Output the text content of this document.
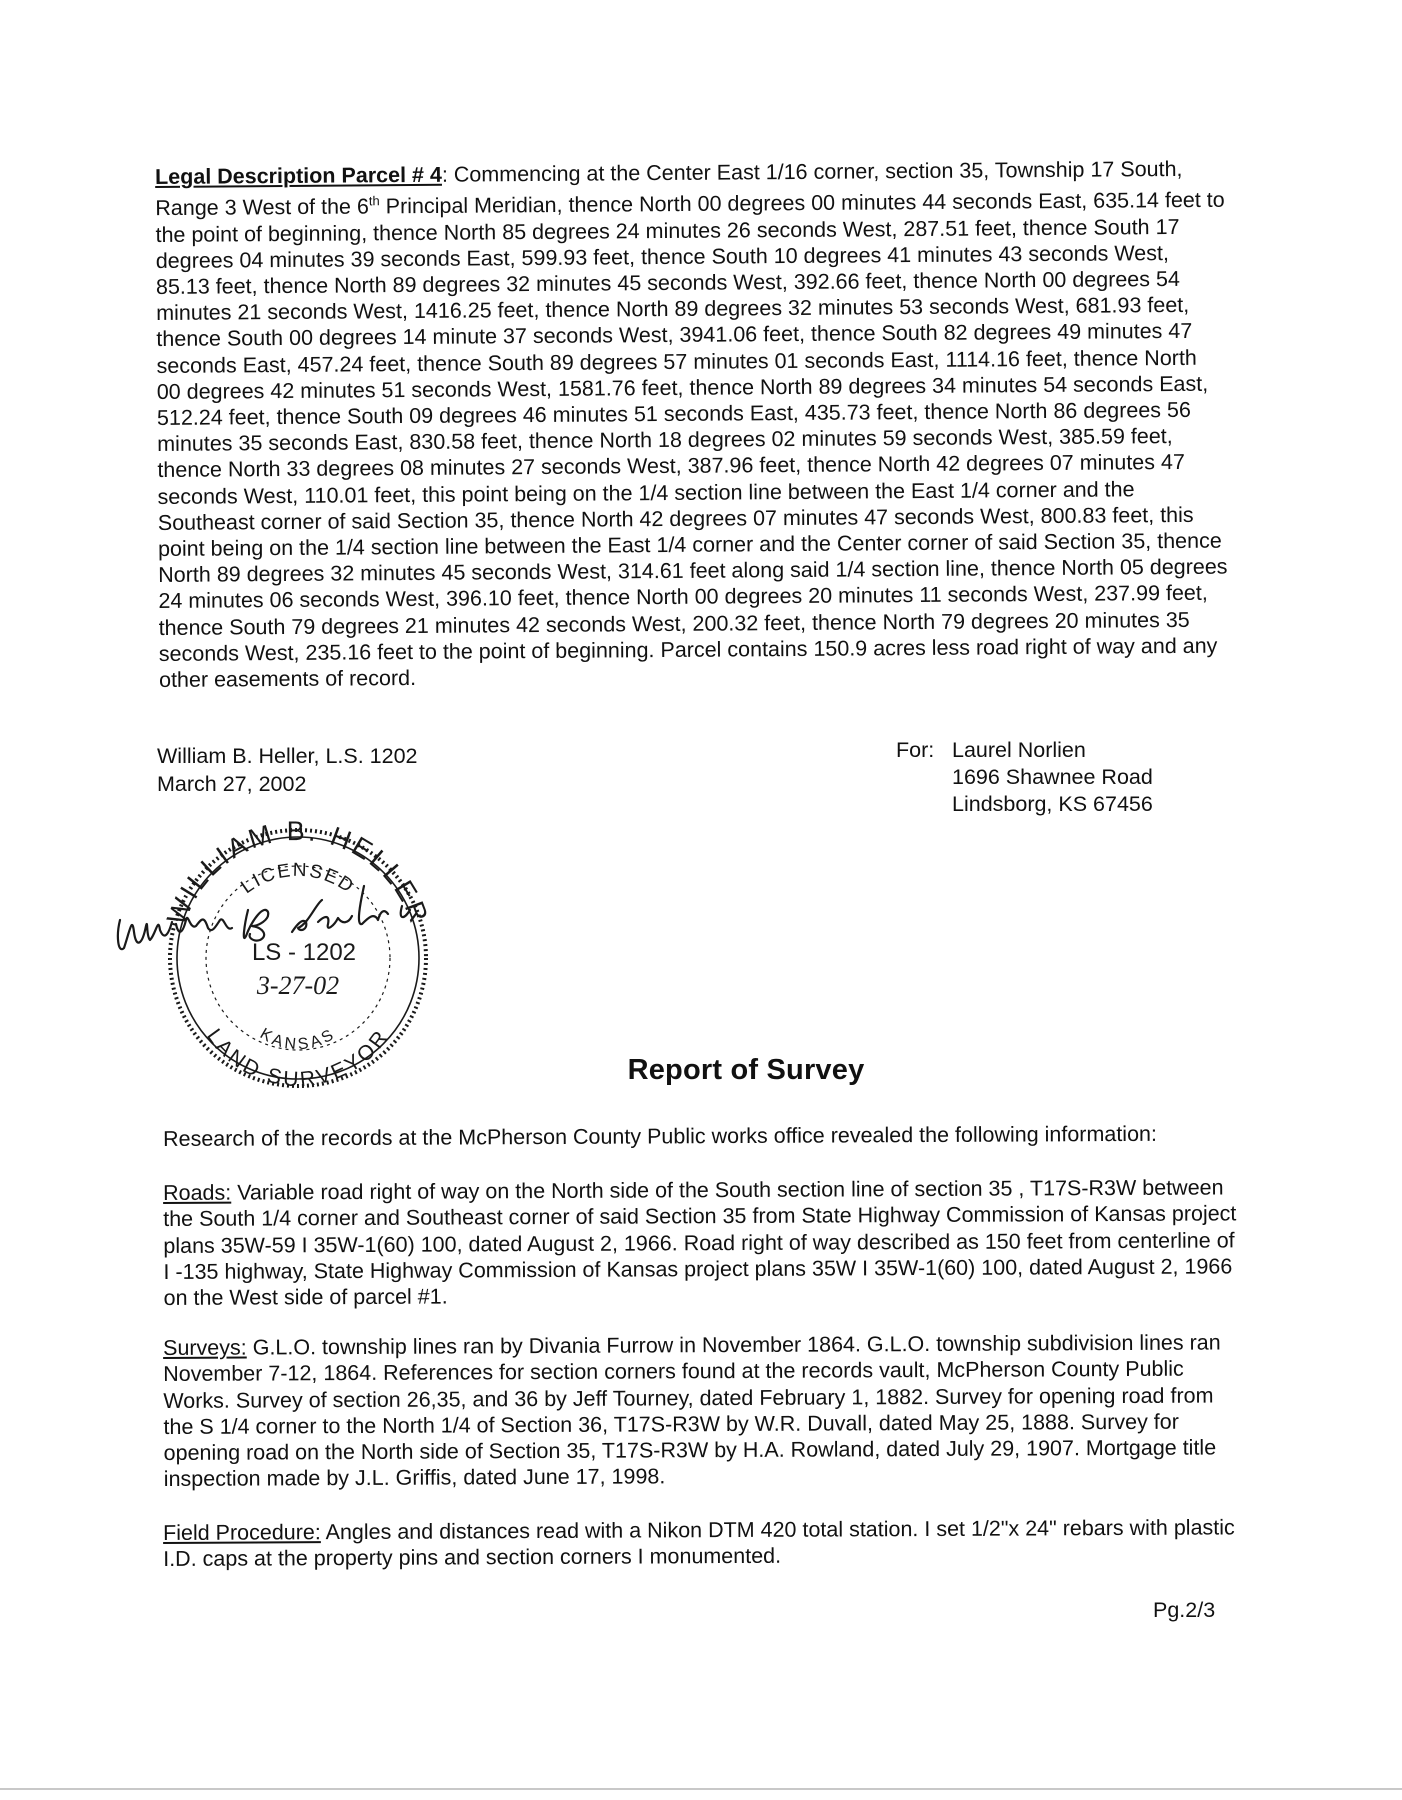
Legal Description Parcel # 4: Commencing at the Center East 1/16 corner, section 35, Township 17 South, Range 3 West of the 6th Principal Meridian, thence North 00 degrees 00 minutes 44 seconds East, 635.14 feet to the point of beginning, thence North 85 degrees 24 minutes 26 seconds West, 287.51 feet, thence South 17 degrees 04 minutes 39 seconds East, 599.93 feet, thence South 10 degrees 41 minutes 43 seconds West, 85.13 feet, thence North 89 degrees 32 minutes 45 seconds West, 392.66 feet, thence North 00 degrees 54 minutes 21 seconds West, 1416.25 feet, thence North 89 degrees 32 minutes 53 seconds West, 681.93 feet, thence South 00 degrees 14 minute 37 seconds West, 3941.06 feet, thence South 82 degrees 49 minutes 47 seconds East, 457.24 feet, thence South 89 degrees 57 minutes 01 seconds East, 1114.16 feet, thence North 00 degrees 42 minutes 51 seconds West, 1581.76 feet, thence North 89 degrees 34 minutes 54 seconds East, 512.24 feet, thence South 09 degrees 46 minutes 51 seconds East, 435.73 feet, thence North 86 degrees 56 minutes 35 seconds East, 830.58 feet, thence North 18 degrees 02 minutes 59 seconds West, 385.59 feet, thence North 33 degrees 08 minutes 27 seconds West, 387.96 feet, thence North 42 degrees 07 minutes 47 seconds West, 110.01 feet, this point being on the 1/4 section line between the East 1/4 corner and the Southeast corner of said Section 35, thence North 42 degrees 07 minutes 47 seconds West, 800.83 feet, this point being on the 1/4 section line between the East 1/4 corner and the Center corner of said Section 35, thence North 89 degrees 32 minutes 45 seconds West, 314.61 feet along said 1/4 section line, thence North 05 degrees 24 minutes 06 seconds West, 396.10 feet, thence North 00 degrees 20 minutes 11 seconds West, 237.99 feet, thence South 79 degrees 21 minutes 42 seconds West, 200.32 feet, thence North 79 degrees 20 minutes 35 seconds West, 235.16 feet to the point of beginning. Parcel contains 150.9 acres less road right of way and any other easements of record.

William B. Heller, L.S. 1202
March 27, 2002
For: Laurel Norlien
1696 Shawnee Road
Lindsborg, KS 67456
WILLIAM B. HELLER
LICENSED
LS - 1202
3-27-02
KANSAS
LAND SURVEYOR
Report of Survey

Research of the records at the McPherson County Public works office revealed the following information:

Roads: Variable road right of way on the North side of the South section line of section 35 , T17S-R3W between the South 1/4 corner and Southeast corner of said Section 35 from State Highway Commission of Kansas project plans 35W-59 I 35W-1(60) 100, dated August 2, 1966. Road right of way described as 150 feet from centerline of I -135 highway, State Highway Commission of Kansas project plans 35W I 35W-1(60) 100, dated August 2, 1966 on the West side of parcel #1.

Surveys: G.L.O. township lines ran by Divania Furrow in November 1864. G.L.O. township subdivision lines ran November 7-12, 1864. References for section corners found at the records vault, McPherson County Public Works. Survey of section 26,35, and 36 by Jeff Tourney, dated February 1, 1882. Survey for opening road from the S 1/4 corner to the North 1/4 of Section 36, T17S-R3W by W.R. Duvall, dated May 25, 1888. Survey for opening road on the North side of Section 35, T17S-R3W by H.A. Rowland, dated July 29, 1907. Mortgage title inspection made by J.L. Griffis, dated June 17, 1998.

Field Procedure: Angles and distances read with a Nikon DTM 420 total station. I set 1/2"x 24" rebars with plastic I.D. caps at the property pins and section corners I monumented.

Pg.2/3
